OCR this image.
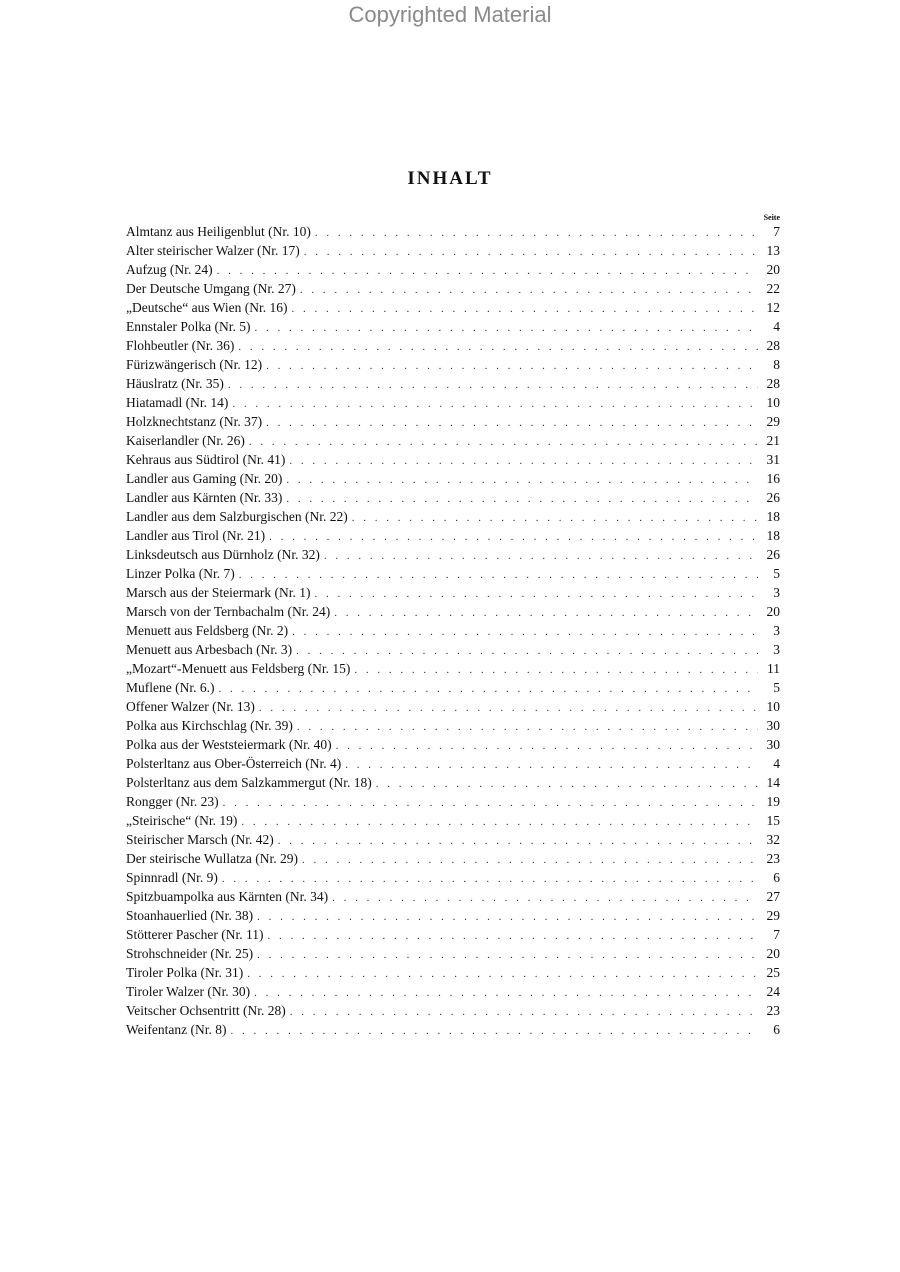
Copyrighted Material
INHALT
Seite
Almtanz aus Heiligenblut (Nr. 10) . . .	7
Alter steirischer Walzer (Nr. 17) . . .	13
Aufzug (Nr. 24) . . .	20
Der Deutsche Umgang (Nr. 27) . . .	22
„Deutsche“ aus Wien (Nr. 16) . . .	12
Ennstaler Polka (Nr. 5) . . .	4
Flohbeutler (Nr. 36) . . .	28
Fürizwängerisch (Nr. 12) . . .	8
Häuslratz (Nr. 35) . . .	28
Hiatamadl (Nr. 14) . . .	10
Holzknechtstanz (Nr. 37) . . .	29
Kaiserlandler (Nr. 26) . . .	21
Kehraus aus Südtirol (Nr. 41) . . .	31
Landler aus Gaming (Nr. 20) . . .	16
Landler aus Kärnten (Nr. 33) . . .	26
Landler aus dem Salzburgischen (Nr. 22) . . .	18
Landler aus Tirol (Nr. 21) . . .	18
Linksdeutsch aus Dürnholz (Nr. 32) . . .	26
Linzer Polka (Nr. 7) . . .	5
Marsch aus der Steiermark (Nr. 1) . . .	3
Marsch von der Ternbachalm (Nr. 24) . . .	20
Menuett aus Feldsberg (Nr. 2) . . .	3
Menuett aus Arbesbach (Nr. 3) . . .	3
„Mozart“-Menuett aus Feldsberg (Nr. 15) . . .	11
Muflene (Nr. 6.) . . .	5
Offener Walzer (Nr. 13) . . .	10
Polka aus Kirchschlag (Nr. 39) . . .	30
Polka aus der Weststeiermark (Nr. 40) . . .	30
Polsterltanz aus Ober-Österreich (Nr. 4) . . .	4
Polsterltanz aus dem Salzkammergut (Nr. 18) . . .	14
Rongger (Nr. 23) . . .	19
„Steirische“ (Nr. 19) . . .	15
Steirischer Marsch (Nr. 42) . . .	32
Der steirische Wullatza (Nr. 29) . . .	23
Spinnradl (Nr. 9) . . .	6
Spitzbuampolka aus Kärnten (Nr. 34) . . .	27
Stoanhauerlied (Nr. 38) . . .	29
Stötterer Pascher (Nr. 11) . . .	7
Strohschneider (Nr. 25) . . .	20
Tiroler Polka (Nr. 31) . . .	25
Tiroler Walzer (Nr. 30) . . .	24
Veitscher Ochsentritt (Nr. 28) . . .	23
Weifentanz (Nr. 8) . . .	6
